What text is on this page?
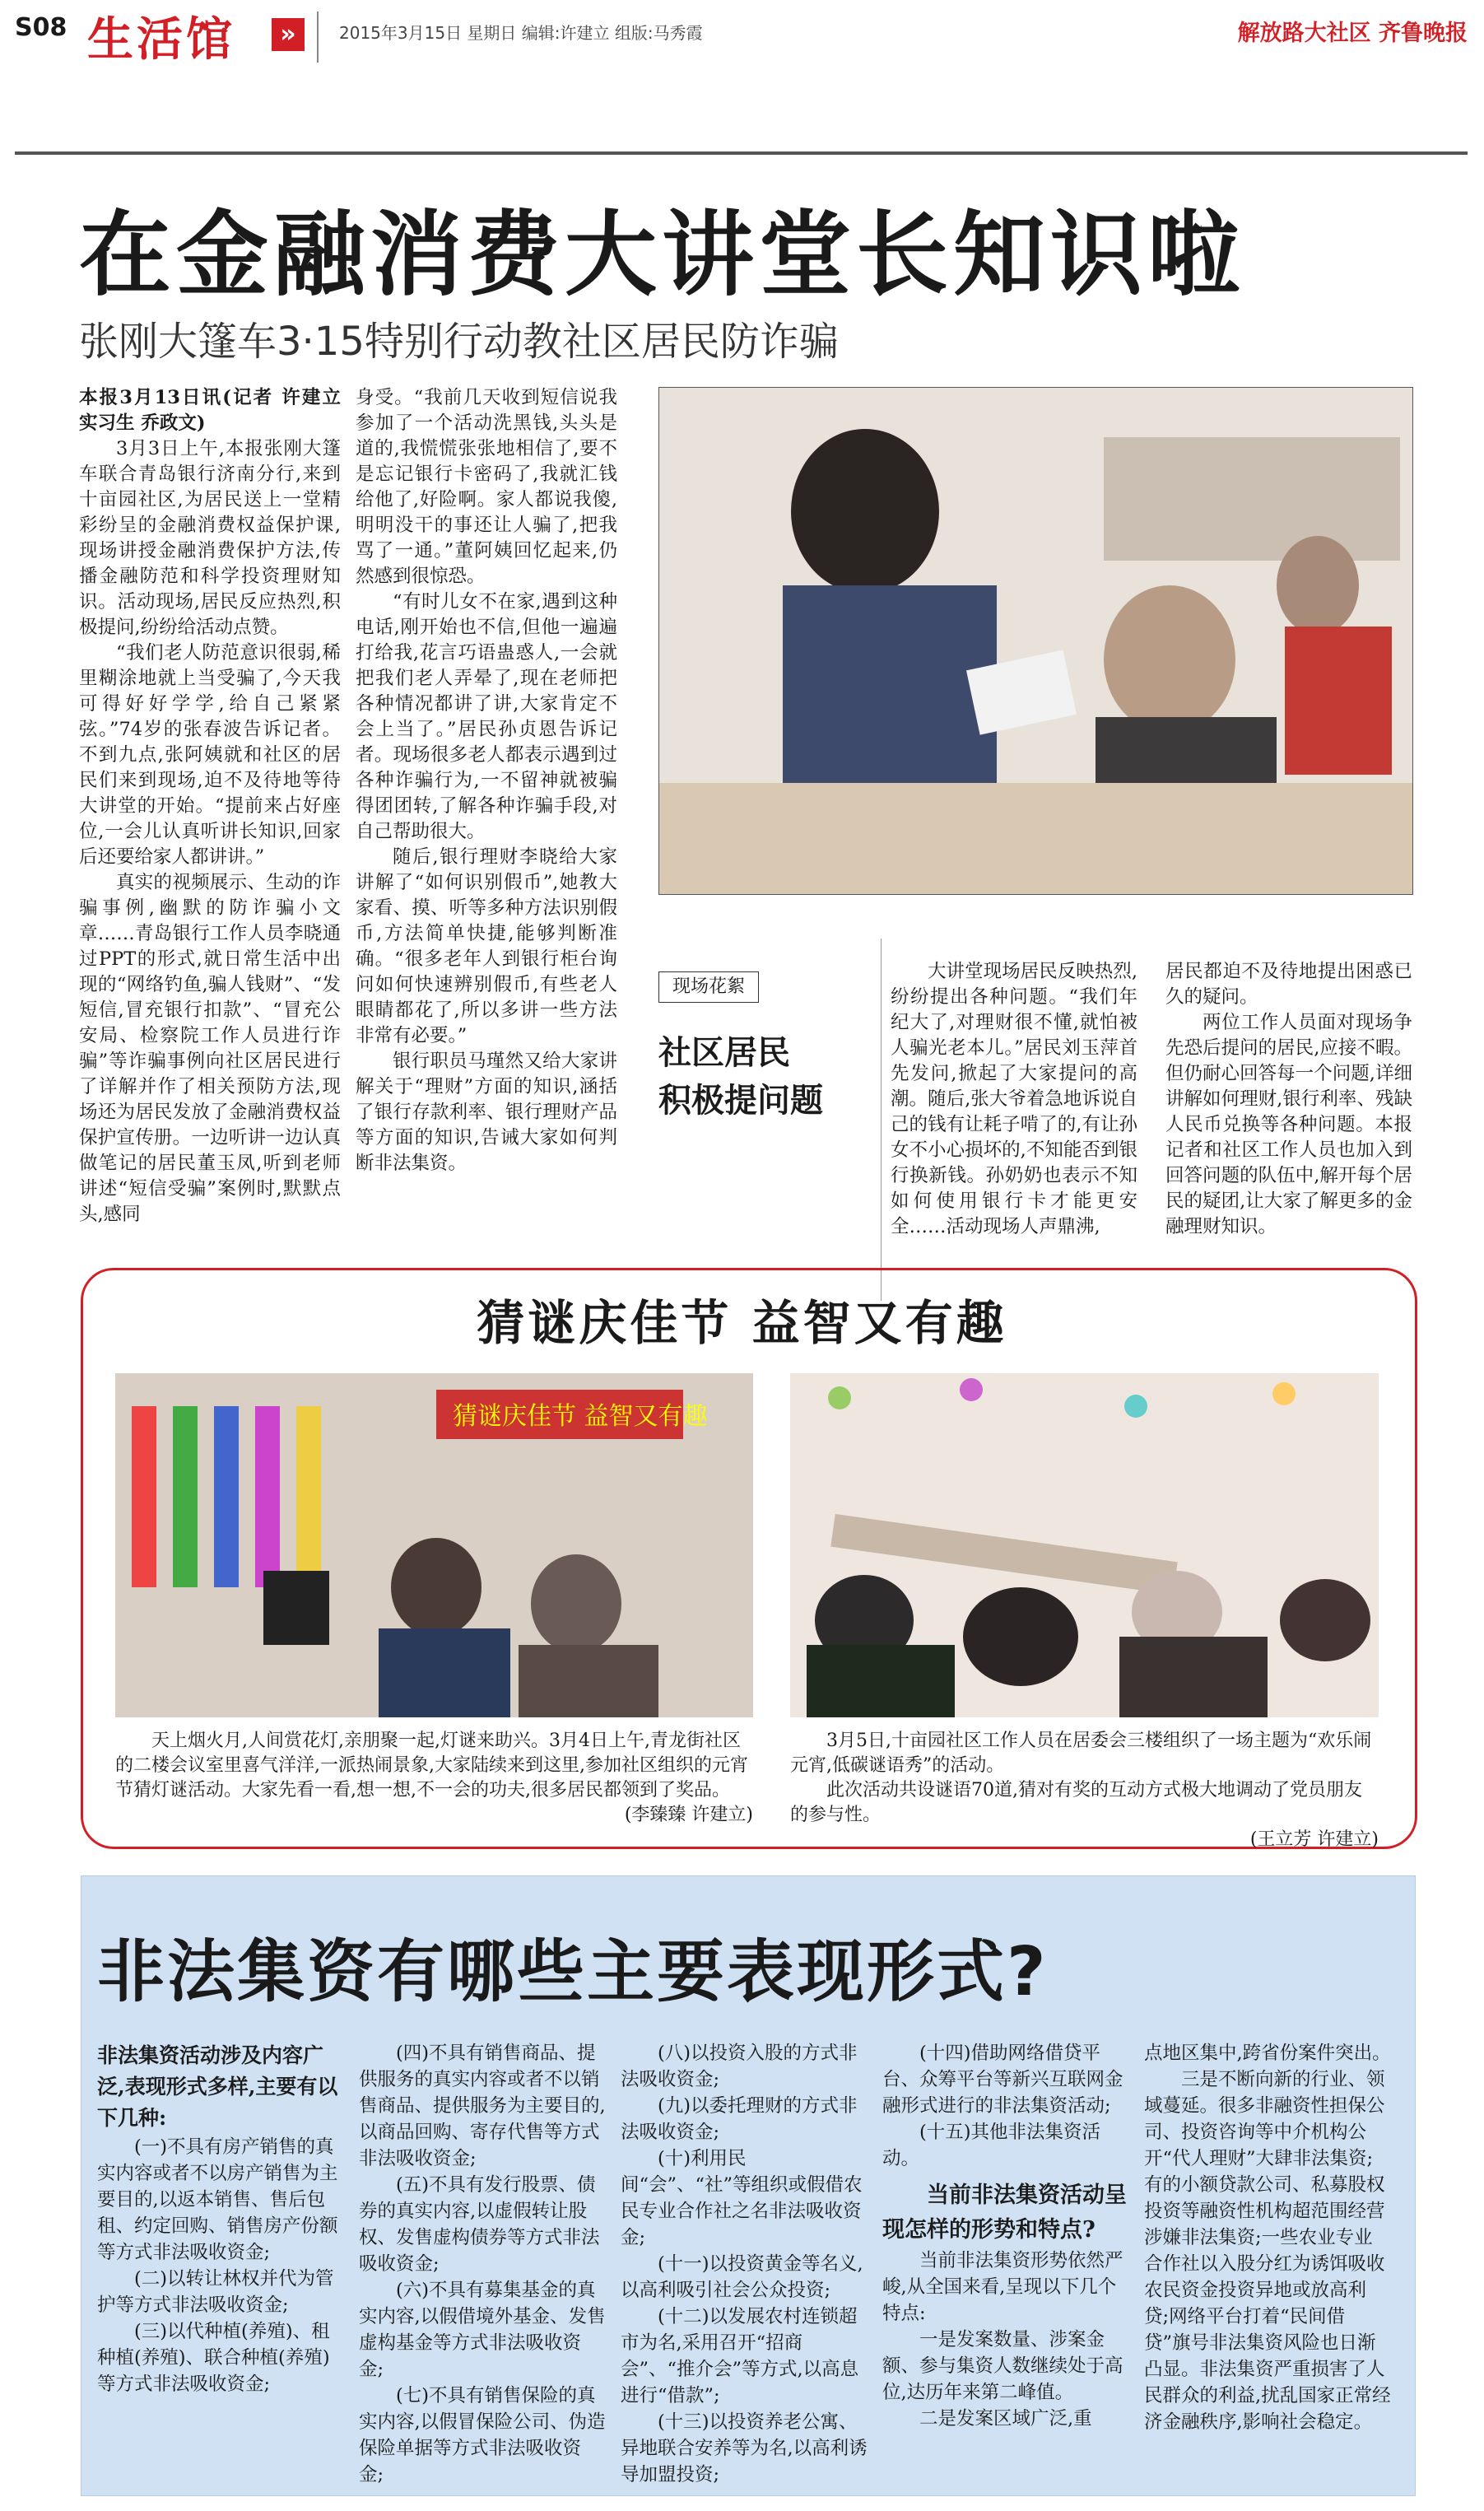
S08 生活馆	»	2015年3月15日 星期日 编辑:许建立 组版:马秀霞	解放路大社区 齐鲁晚报
在金融消费大讲堂长知识啦
张刚大篷车3·15特别行动教社区居民防诈骗

本报3月13日讯(记者 许建立 实习生 乔政文)

3月3日上午,本报张刚大篷车联合青岛银行济南分行,来到十亩园社区,为居民送上一堂精彩纷呈的金融消费权益保护课,现场讲授金融消费保护方法,传播金融防范和科学投资理财知识。活动现场,居民反应热烈,积极提问,纷纷给活动点赞。

“我们老人防范意识很弱,稀里糊涂地就上当受骗了,今天我可得好好学学,给自己紧紧弦。”74岁的张春波告诉记者。不到九点,张阿姨就和社区的居民们来到现场,迫不及待地等待大讲堂的开始。“提前来占好座位,一会儿认真听讲长知识,回家后还要给家人都讲讲。”

真实的视频展示、生动的诈骗事例,幽默的防诈骗小文章……青岛银行工作人员李晓通过PPT的形式,就日常生活中出现的“网络钓鱼,骗人钱财”、“发短信,冒充银行扣款”、“冒充公安局、检察院工作人员进行诈骗”等诈骗事例向社区居民进行了详解并作了相关预防方法,现场还为居民发放了金融消费权益保护宣传册。一边听讲一边认真做笔记的居民董玉凤,听到老师讲述“短信受骗”案例时,默默点头,感同

身受。“我前几天收到短信说我参加了一个活动洗黑钱,头头是道的,我慌慌张张地相信了,要不是忘记银行卡密码了,我就汇钱给他了,好险啊。家人都说我傻,明明没干的事还让人骗了,把我骂了一通。”董阿姨回忆起来,仍然感到很惊恐。

“有时儿女不在家,遇到这种电话,刚开始也不信,但他一遍遍打给我,花言巧语蛊惑人,一会就把我们老人弄晕了,现在老师把各种情况都讲了讲,大家肯定不会上当了。”居民孙贞恩告诉记者。现场很多老人都表示遇到过各种诈骗行为,一不留神就被骗得团团转,了解各种诈骗手段,对自己帮助很大。

随后,银行理财李晓给大家讲解了“如何识别假币”,她教大家看、摸、听等多种方法识别假币,方法简单快捷,能够判断准确。“很多老年人到银行柜台询问如何快速辨别假币,有些老人眼睛都花了,所以多讲一些方法非常有必要。”

银行职员马瑾然又给大家讲解关于“理财”方面的知识,涵括了银行存款利率、银行理财产品等方面的知识,告诫大家如何判断非法集资。

现场花絮
社区居民
积极提问题

大讲堂现场居民反映热烈,纷纷提出各种问题。“我们年纪大了,对理财很不懂,就怕被人骗光老本儿。”居民刘玉萍首先发问,掀起了大家提问的高潮。随后,张大爷着急地诉说自己的钱有让耗子啃了的,有让孙女不小心损坏的,不知能否到银行换新钱。孙奶奶也表示不知如何使用银行卡才能更安全……活动现场人声鼎沸,

居民都迫不及待地提出困惑已久的疑问。

两位工作人员面对现场争先恐后提问的居民,应接不暇。但仍耐心回答每一个问题,详细讲解如何理财,银行利率、残缺人民币兑换等各种问题。本报记者和社区工作人员也加入到回答问题的队伍中,解开每个居民的疑团,让大家了解更多的金融理财知识。

猜谜庆佳节 益智又有趣
猜谜庆佳节 益智又有趣

天上烟火月,人间赏花灯,亲朋聚一起,灯谜来助兴。3月4日上午,青龙街社区的二楼会议室里喜气洋洋,一派热闹景象,大家陆续来到这里,参加社区组织的元宵节猜灯谜活动。大家先看一看,想一想,不一会的功夫,很多居民都领到了奖品。

(李臻臻 许建立)

3月5日,十亩园社区工作人员在居委会三楼组织了一场主题为“欢乐闹元宵,低碳谜语秀”的活动。

此次活动共设谜语70道,猜对有奖的互动方式极大地调动了党员朋友的参与性。

(王立芳 许建立)
非法集资有哪些主要表现形式?
非法集资活动涉及内容广泛,表现形式多样,主要有以下几种:

(一)不具有房产销售的真实内容或者不以房产销售为主要目的,以返本销售、售后包租、约定回购、销售房产份额等方式非法吸收资金;

(二)以转让林权并代为管护等方式非法吸收资金;

(三)以代种植(养殖)、租种植(养殖)、联合种植(养殖)等方式非法吸收资金;

(四)不具有销售商品、提供服务的真实内容或者不以销售商品、提供服务为主要目的,以商品回购、寄存代售等方式非法吸收资金;

(五)不具有发行股票、债券的真实内容,以虚假转让股权、发售虚构债券等方式非法吸收资金;

(六)不具有募集基金的真实内容,以假借境外基金、发售虚构基金等方式非法吸收资金;

(七)不具有销售保险的真实内容,以假冒保险公司、伪造保险单据等方式非法吸收资金;

(八)以投资入股的方式非法吸收资金;

(九)以委托理财的方式非法吸收资金;

(十)利用民间“会”、“社”等组织或假借农民专业合作社之名非法吸收资金;

(十一)以投资黄金等名义,以高利吸引社会公众投资;

(十二)以发展农村连锁超市为名,采用召开“招商会”、“推介会”等方式,以高息进行“借款”;

(十三)以投资养老公寓、异地联合安养等为名,以高利诱导加盟投资;

(十四)借助网络借贷平台、众筹平台等新兴互联网金融形式进行的非法集资活动;

(十五)其他非法集资活动。

当前非法集资活动呈现怎样的形势和特点?

当前非法集资形势依然严峻,从全国来看,呈现以下几个特点:

一是发案数量、涉案金额、参与集资人数继续处于高位,达历年来第二峰值。

二是发案区域广泛,重

点地区集中,跨省份案件突出。

三是不断向新的行业、领域蔓延。很多非融资性担保公司、投资咨询等中介机构公开“代人理财”大肆非法集资;有的小额贷款公司、私募股权投资等融资性机构超范围经营涉嫌非法集资;一些农业专业合作社以入股分红为诱饵吸收农民资金投资异地或放高利贷;网络平台打着“民间借贷”旗号非法集资风险也日渐凸显。非法集资严重损害了人民群众的利益,扰乱国家正常经济金融秩序,影响社会稳定。
